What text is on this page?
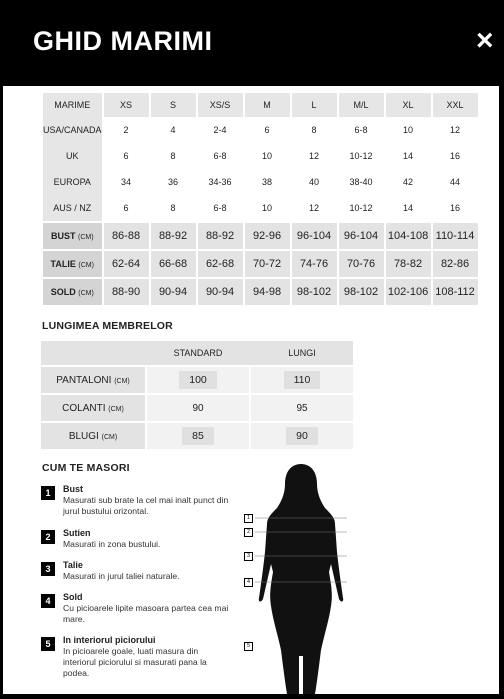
GHID MARIMI	×
MARIME	XS	S	XS/S	M	L	M/L	XL	XXL
USA/CANADA	2	4	2-4	6	8	6-8	10	12
UK	6	8	6-8	10	12	10-12	14	16
EUROPA	34	36	34-36	38	40	38-40	42	44
AUS / NZ	6	8	6-8	10	12	10-12	14	16

BUST (CM)	86-88	88-92	88-92	92-96	96-104	96-104	104-108	110-114

TALIE (CM)	62-64	66-68	62-68	70-72	74-76	70-76	78-82	82-86

SOLD (CM)	88-90	90-94	90-94	94-98	98-102	98-102	102-106	108-112
LUNGIMEA MEMBRELOR
		STANDARD		LUNGI

PANTALONI (CM)		100		110

COLANTI (CM)		90		95

BLUGI (CM)		85		90
CUM TE MASORI
1	Bust
Masurati sub brate la cel mai inalt punct din jurul bustului orizontal.
2	Sutien
Masurati in zona bustului.
3	Talie
Masurati in jurul taliei naturale.
4	Sold
Cu picioarele lipite masoara partea cea mai mare.
5	In interiorul piciorului
In picioarele goale, luati masura din interiorul piciorului si masurati pana la podea.
1
2
3
4
5
